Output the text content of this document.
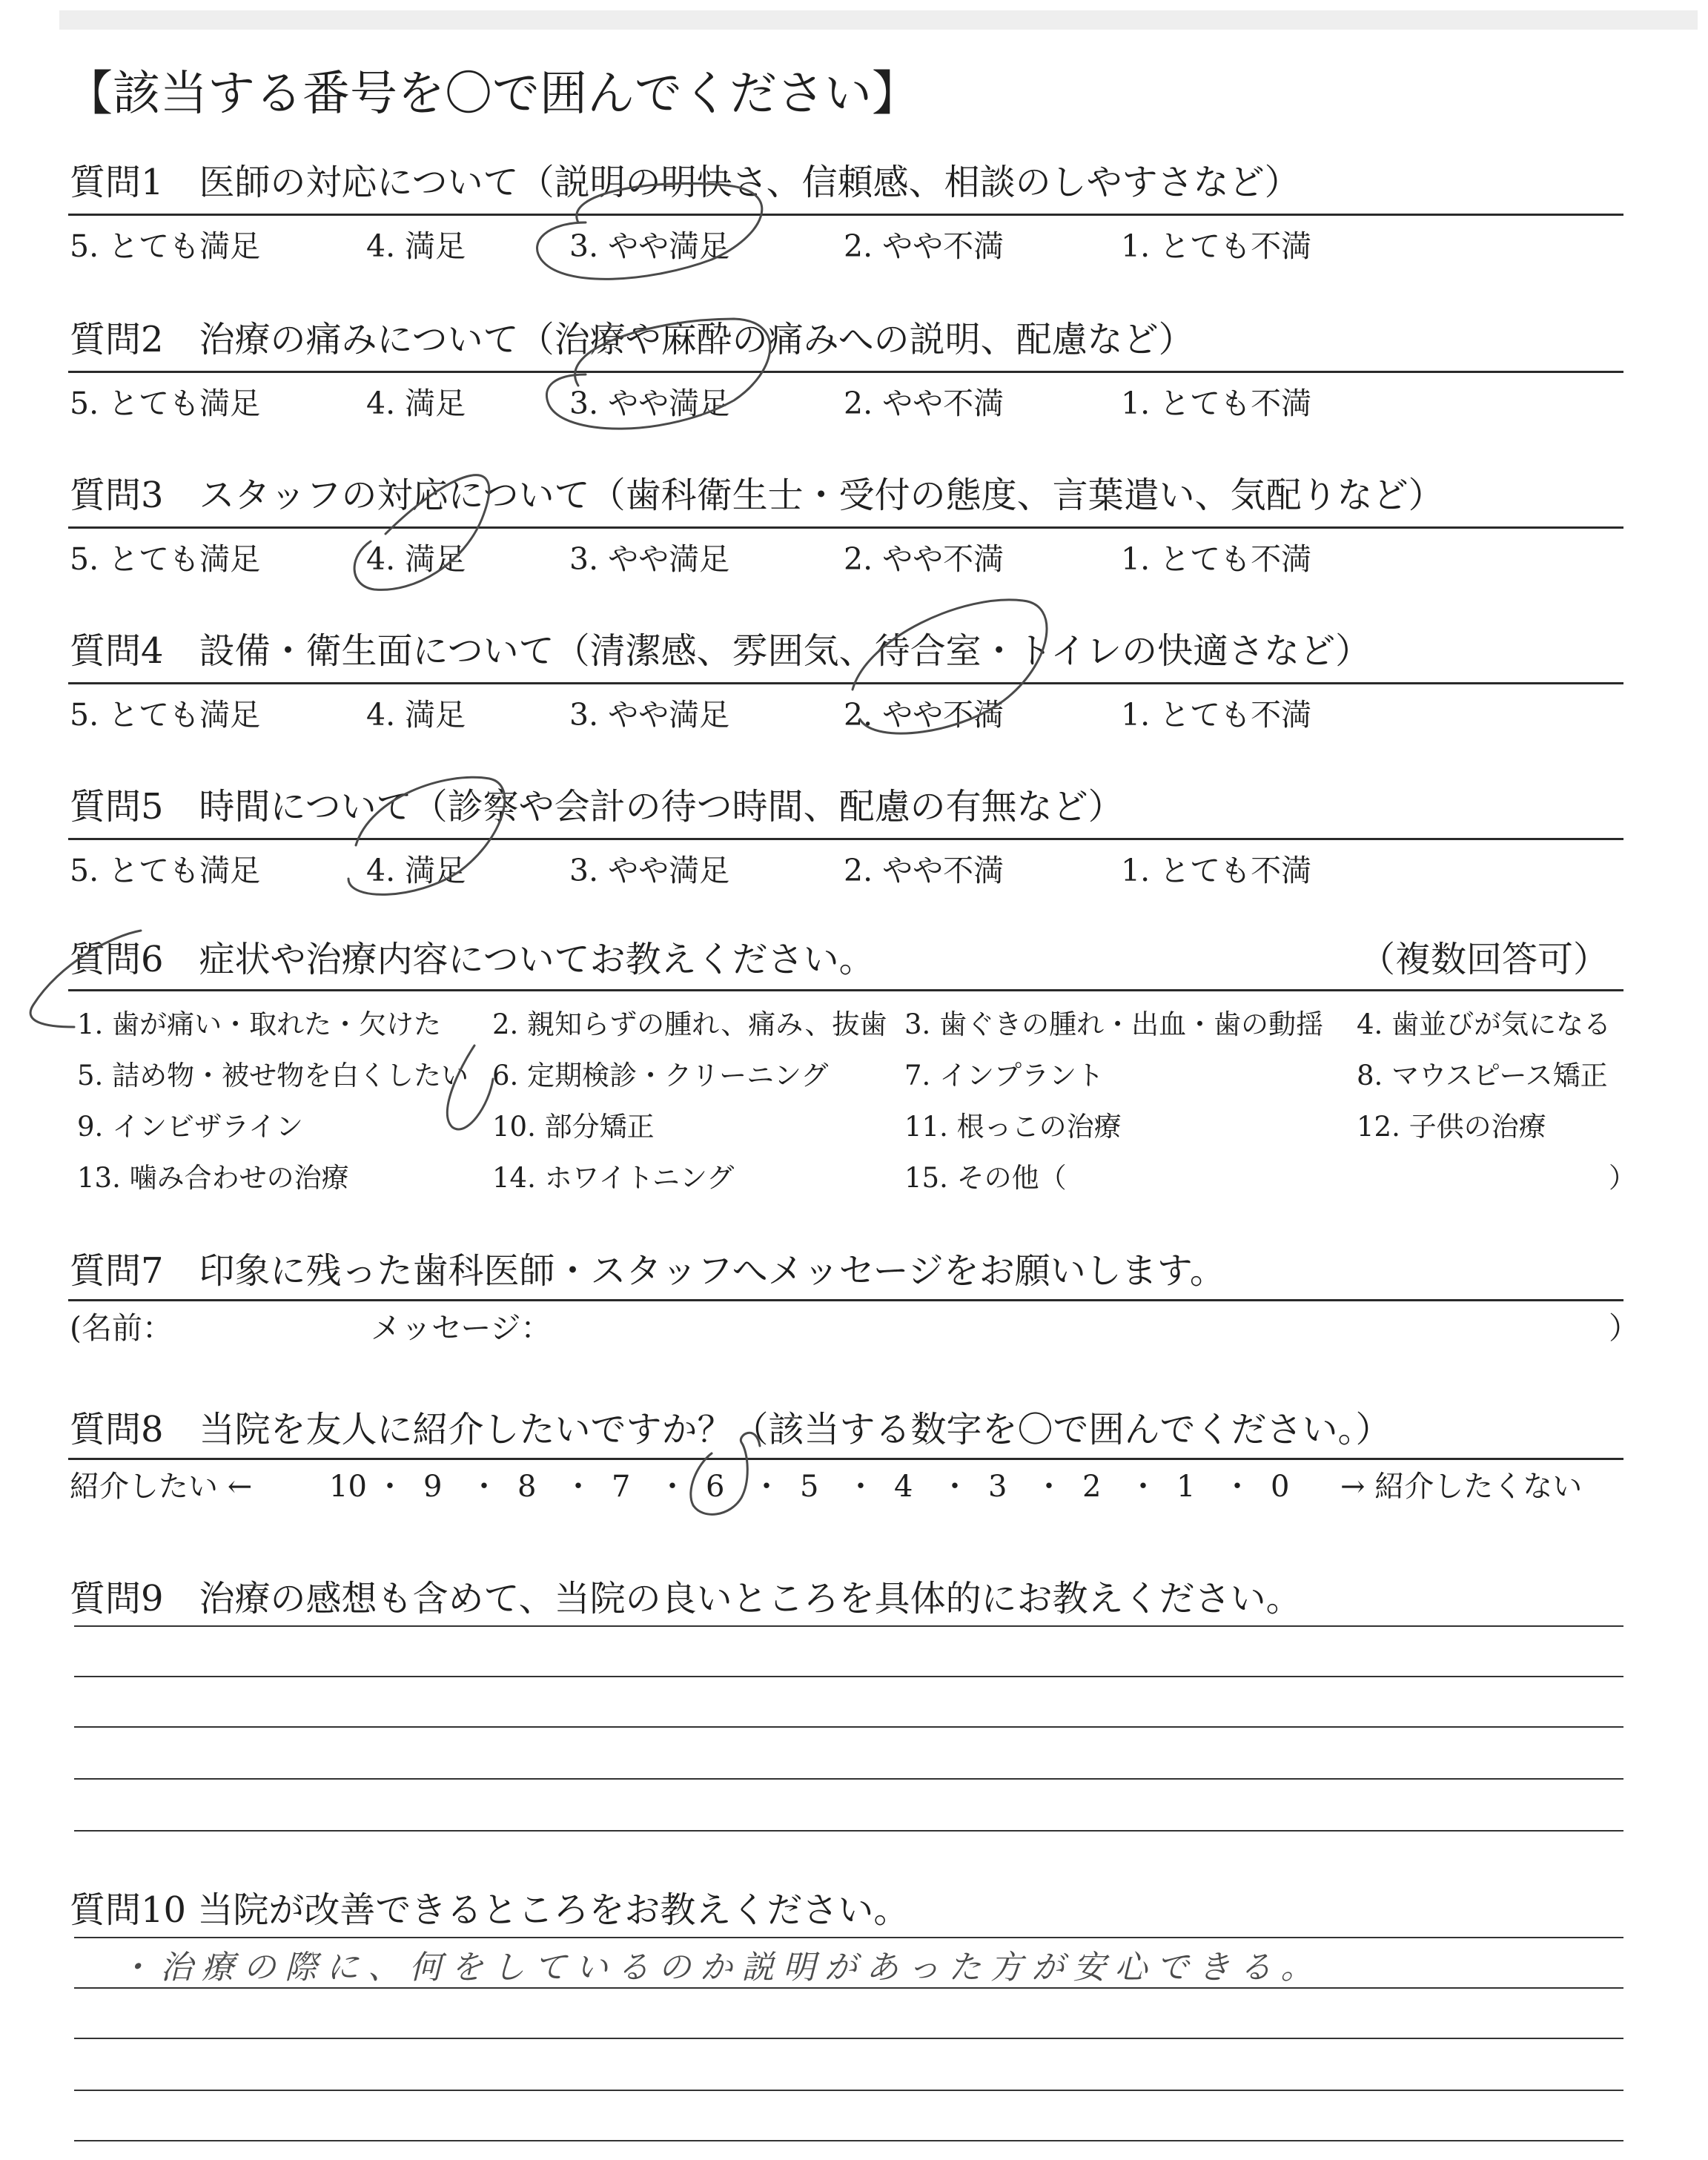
【該当する番号を〇で囲んでください】
質問1　医師の対応について（説明の明快さ、信頼感、相談のしやすさなど）
5. とても満足	4. 満足	3. やや満足	2. やや不満	1. とても不満
質問2　治療の痛みについて（治療や麻酔の痛みへの説明、配慮など）
5. とても満足	4. 満足	3. やや満足	2. やや不満	1. とても不満
質問3　スタッフの対応について（歯科衛生士・受付の態度、言葉遣い、気配りなど）
5. とても満足	4. 満足	3. やや満足	2. やや不満	1. とても不満
質問4　設備・衛生面について（清潔感、雰囲気、待合室・トイレの快適さなど）
5. とても満足	4. 満足	3. やや満足	2. やや不満	1. とても不満
質問5　時間について（診察や会計の待つ時間、配慮の有無など）
5. とても満足	4. 満足	3. やや満足	2. やや不満	1. とても不満
質問6　症状や治療内容についてお教えください。	（複数回答可）
1. 歯が痛い・取れた・欠けた 2. 親知らずの腫れ、痛み、抜歯 3. 歯ぐきの腫れ・出血・歯の動揺 4. 歯並びが気になる
5. 詰め物・被せ物を白くしたい 6. 定期検診・クリーニング	7. インプラント	8. マウスピース矯正
9. インビザライン	10. 部分矯正	11. 根っこの治療	12. 子供の治療
13. 噛み合わせの治療	14. ホワイトニング	15. その他（	）
質問7　印象に残った歯科医師・スタッフへメッセージをお願いします。
(名前：	メッセージ：	）
質問8　当院を友人に紹介したいですか？（該当する数字を〇で囲んでください。）
紹介したい ←	→ 紹介したくない
10 ・ 9 ・ 8 ・ 7 ・ 6 ・ 5 ・ 4 ・ 3 ・ 2 ・ 1 ・ 0
質問9　治療の感想も含めて、当院の良いところを具体的にお教えください。
質問10 当院が改善できるところをお教えください。
・治療の際に、何をしているのか説明があった方が安心できる。
